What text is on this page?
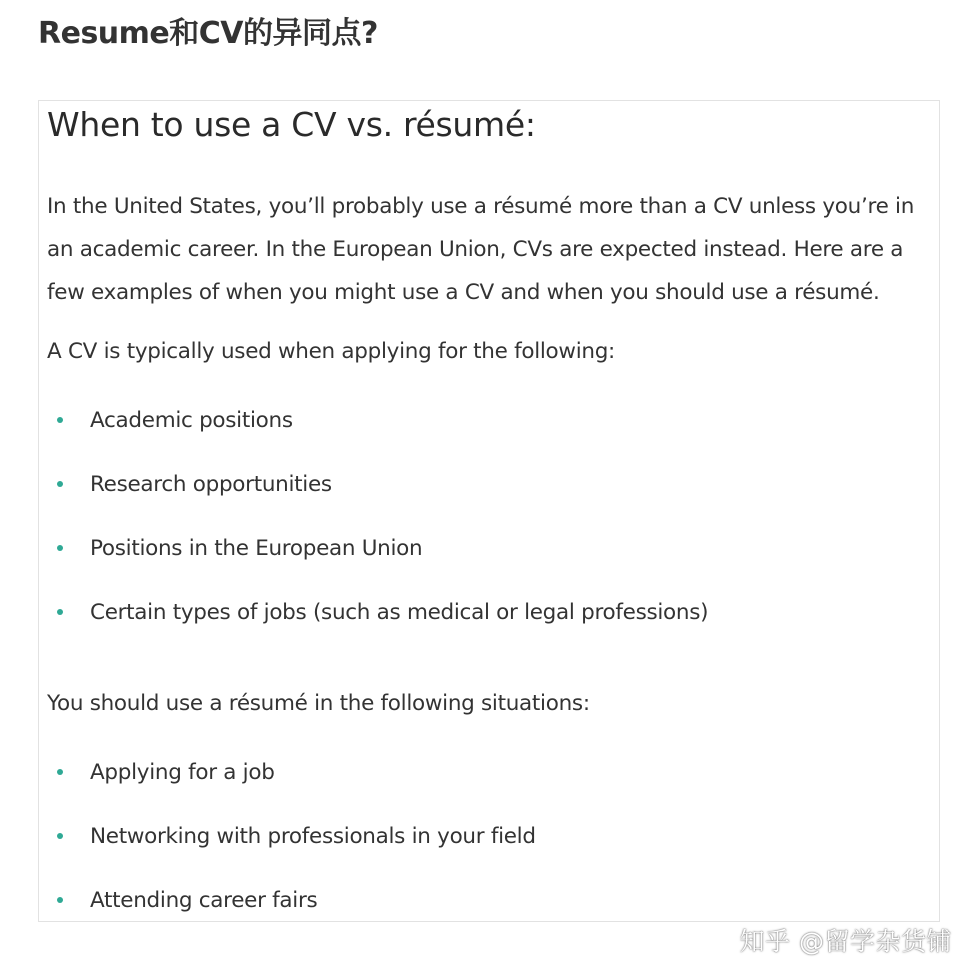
Resume和CV的异同点?
When to use a CV vs. résumé:
In the United States, you’ll probably use a résumé more than a CV unless you’re in
an academic career. In the European Union, CVs are expected instead. Here are a
few examples of when you might use a CV and when you should use a résumé.
A CV is typically used when applying for the following:
Academic positions
Research opportunities
Positions in the European Union
Certain types of jobs (such as medical or legal professions)
You should use a résumé in the following situations:
Applying for a job
Networking with professionals in your field
Attending career fairs
知乎 @留学杂货铺
